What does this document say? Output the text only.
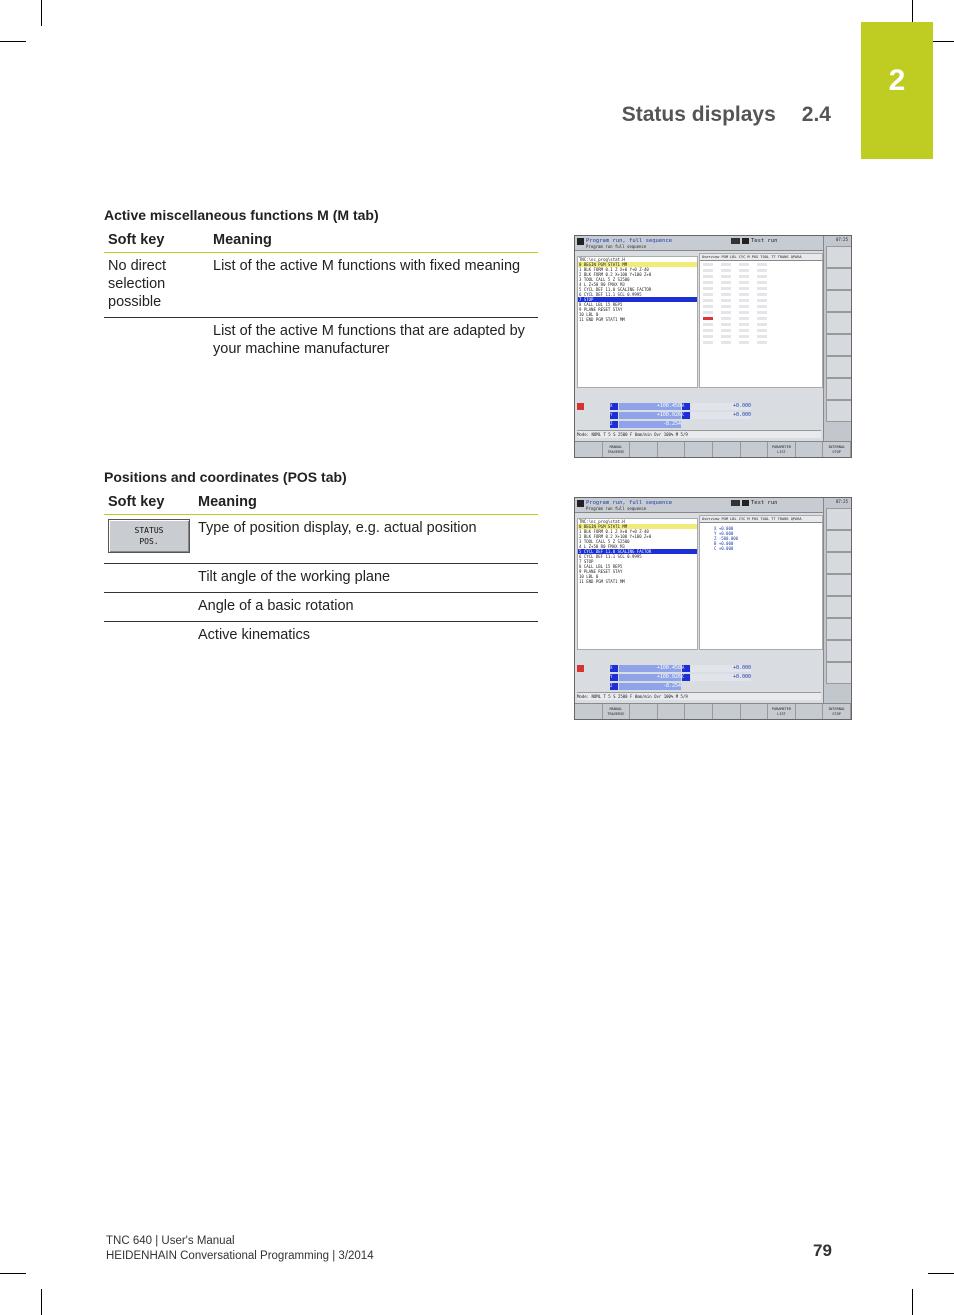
2
Status displays 2.4
Active miscellaneous functions M (M tab)
Soft key	Meaning
No direct selection possible	List of the active M functions with fixed meaning
	List of the active M functions that are adapted by your machine manufacturer
Positions and coordinates (POS tab)
Soft key	Meaning

STATUS
POS.	Type of position display, e.g. actual position
	Tilt angle of the working plane
	Angle of a basic rotation
	Active kinematics
Program run, full sequence
Program run full sequence
Test run
TNC:\nc_prog\stat.H
0 BEGIN PGM STAT1 MM
1 BLK FORM 0.1 Z X+0 Y+0 Z-40
2 BLK FORM 0.2 X+100 Y+100 Z+0
3 TOOL CALL 5 Z S2500
4 L Z+50 R0 FMAX M3
5 CYCL DEF 11.0 SCALING FACTOR
6 CYCL DEF 11.1 SCL 0.9995
7 STOP
8 CALL LBL 15 REP5
9 PLANE RESET STAY
10 LBL 0
11 END PGM STAT1 MM
Overview PGM LBL CYC M POS TOOL TT TRANS QPARA
07:25
X	+100.450 A	+0.000
Y	+100.026 C	+0.000
Z	-8.254
Mode: NOML T 5 S 2500 F 0mm/min Ovr 100% M 5/9
MANUAL TRAVERSE
PARAMETER LIST
INTERNAL STOP
Program run, full sequence
Program run full sequence
Test run
TNC:\nc_prog\stat.H
0 BEGIN PGM STAT1 MM
1 BLK FORM 0.1 Z X+0 Y+0 Z-40
2 BLK FORM 0.2 X+100 Y+100 Z+0
3 TOOL CALL 5 Z S2500
4 L Z+50 R0 FMAX M3
5 CYCL DEF 11.0 SCALING FACTOR
6 CYCL DEF 11.1 SCL 0.9995
7 STOP
8 CALL LBL 15 REP5
9 PLANE RESET STAY
10 LBL 0
11 END PGM STAT1 MM
Overview PGM LBL CYC M POS TOOL TT TRANS QPARA
X +0.000
Y +0.000
Z -500.000
B +0.000
C +0.000
07:25
X	+100.450 A	+0.000
Y	+100.026 C	+0.000
Z	-8.254
Mode: NOML T 5 S 2500 F 0mm/min Ovr 100% M 5/9
MANUAL TRAVERSE
PARAMETER LIST
INTERNAL STOP
TNC 640 | User's Manual
HEIDENHAIN Conversational Programming | 3/2014	79
